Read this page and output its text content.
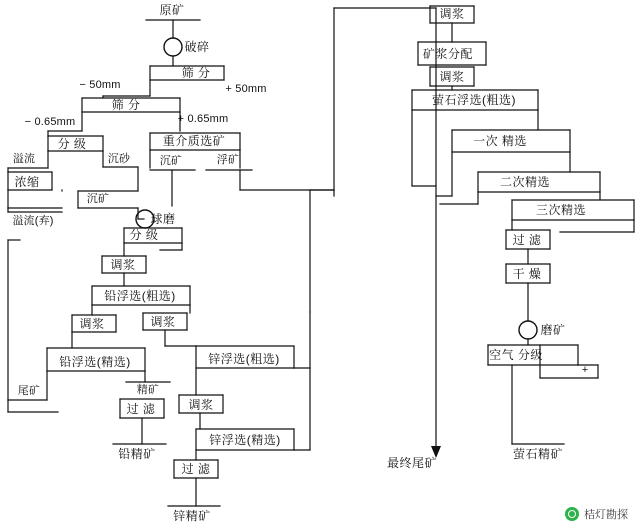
原矿
破碎
筛 分
− 50mm	+ 50mm
筛 分
− 0.65mm	+ 0.65mm
分 级	重介质选矿
沉砂
溢流	沉矿	浮矿
浓缩
沉矿
球磨
溢流(弃)
分 级
调浆
铅浮选(粗选)
调浆	调浆
铅浮选(精选)	锌浮选(粗选)
尾矿	精矿
过 滤	调浆
锌浮选(精选)
铅精矿
过 滤
锌精矿
调浆
矿浆分配
调浆
萤石浮选(粗选)
一次 精选
二次精选
三次精选
过 滤
干 燥
磨矿
空气 分级
+
最终尾矿
萤石精矿
桔灯勘探
